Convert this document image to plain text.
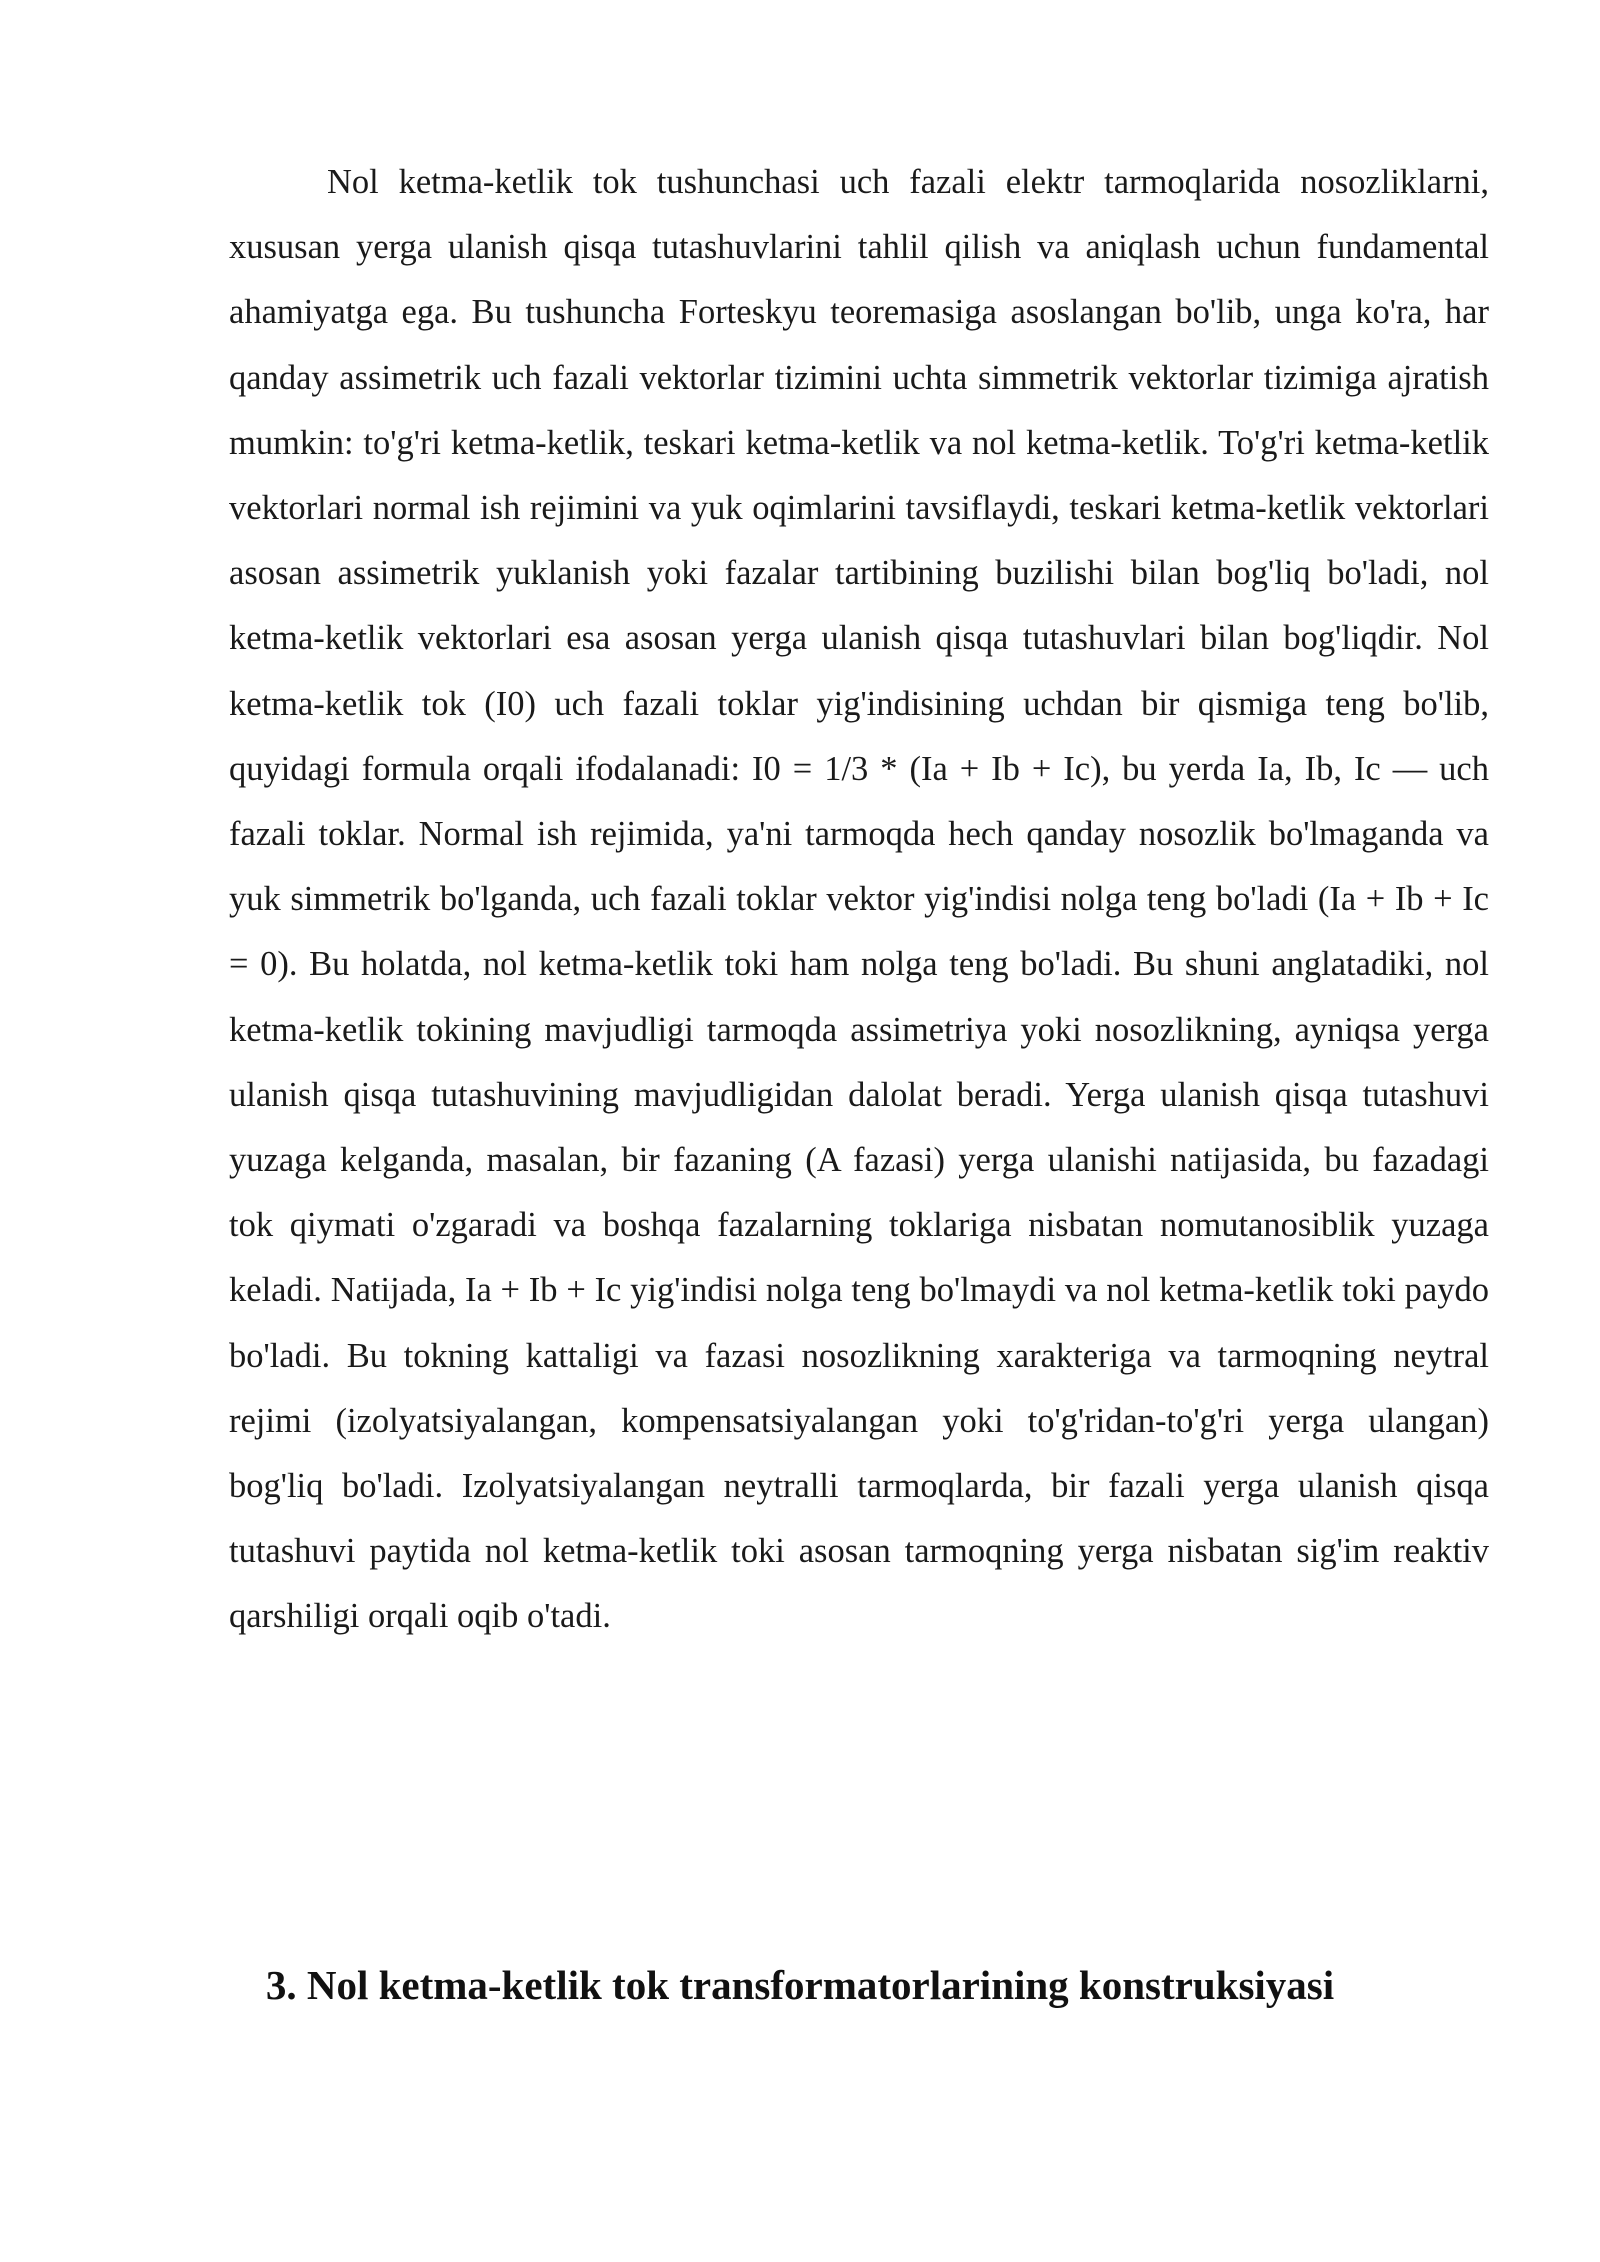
Nol ketma-ketlik tok tushunchasi uch fazali elektr tarmoqlarida nosozliklarni, xususan yerga ulanish qisqa tutashuvlarini tahlil qilish va aniqlash uchun fundamental ahamiyatga ega. Bu tushuncha Forteskyu teoremasiga asoslangan bo'lib, unga ko'ra, har qanday assimetrik uch fazali vektorlar tizimini uchta simmetrik vektorlar tizimiga ajratish mumkin: to'g'ri ketma-ketlik, teskari ketma-ketlik va nol ketma-ketlik. To'g'ri ketma-ketlik vektorlari normal ish rejimini va yuk oqimlarini tavsiflaydi, teskari ketma-ketlik vektorlari asosan assimetrik yuklanish yoki fazalar tartibining buzilishi bilan bog'liq bo'ladi, nol ketma-ketlik vektorlari esa asosan yerga ulanish qisqa tutashuvlari bilan bog'liqdir. Nol ketma-ketlik tok (I0) uch fazali toklar yig'indisining uchdan bir qismiga teng bo'lib, quyidagi formula orqali ifodalanadi: I0 = 1/3 * (Ia + Ib + Ic), bu yerda Ia, Ib, Ic — uch fazali toklar. Normal ish rejimida, ya'ni tarmoqda hech qanday nosozlik bo'lmaganda va yuk simmetrik bo'lganda, uch fazali toklar vektor yig'indisi nolga teng bo'ladi (Ia + Ib + Ic = 0). Bu holatda, nol ketma-ketlik toki ham nolga teng bo'ladi. Bu shuni anglatadiki, nol ketma-ketlik tokining mavjudligi tarmoqda assimetriya yoki nosozlikning, ayniqsa yerga ulanish qisqa tutashuvining mavjudligidan dalolat beradi. Yerga ulanish qisqa tutashuvi yuzaga kelganda, masalan, bir fazaning (A fazasi) yerga ulanishi natijasida, bu fazadagi tok qiymati o'zgaradi va boshqa fazalarning toklariga nisbatan nomutanosiblik yuzaga keladi. Natijada, Ia + Ib + Ic yig'indisi nolga teng bo'lmaydi va nol ketma-ketlik toki paydo bo'ladi. Bu tokning kattaligi va fazasi nosozlikning xarakteriga va tarmoqning neytral rejimi (izolyatsiyalangan, kompensatsiyalangan yoki to'g'ridan-to'g'ri yerga ulangan) bog'liq bo'ladi. Izolyatsiyalangan neytralli tarmoqlarda, bir fazali yerga ulanish qisqa tutashuvi paytida nol ketma-ketlik toki asosan tarmoqning yerga nisbatan sig'im reaktiv qarshiligi orqali oqib o'tadi.

3. Nol ketma-ketlik tok transformatorlarining konstruksiyasi
